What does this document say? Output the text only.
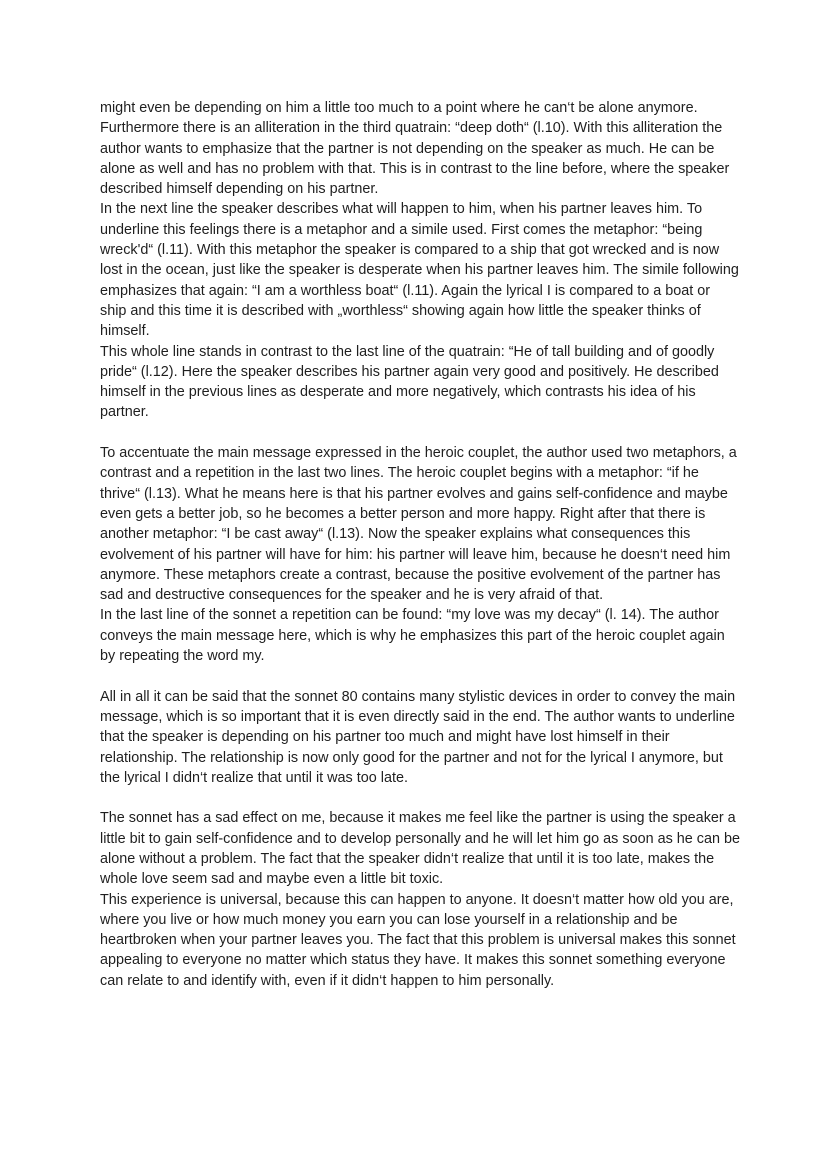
might even be depending on him a little too much to a point where he can‘t be alone anymore.

Furthermore there is an alliteration in the third quatrain: “deep doth“ (l.10). With this alliteration the author wants to emphasize that the partner is not depending on the speaker as much. He can be alone as well and has no problem with that. This is in contrast to the line before, where the speaker described himself depending on his partner.

In the next line the speaker describes what will happen to him, when his partner leaves him. To underline this feelings there is a metaphor and a simile used. First comes the metaphor: “being wreck'd“ (l.11). With this metaphor the speaker is compared to a ship that got wrecked and is now lost in the ocean, just like the speaker is desperate when his partner leaves him. The simile following emphasizes that again: “I am a worthless boat“ (l.11). Again the lyrical I is compared to a boat or ship and this time it is described with „worthless“ showing again how little the speaker thinks of himself.

This whole line stands in contrast to the last line of the quatrain: “He of tall building and of goodly pride“ (l.12). Here the speaker describes his partner again very good and positively. He described himself in the previous lines as desperate and more negatively, which contrasts his idea of his partner.

To accentuate the main message expressed in the heroic couplet, the author used two metaphors, a contrast and a repetition in the last two lines. The heroic couplet begins with a metaphor: “if he thrive“ (l.13). What he means here is that his partner evolves and gains self-confidence and maybe even gets a better job, so he becomes a better person and more happy. Right after that there is another metaphor: “I be cast away“ (l.13). Now the speaker explains what consequences this evolvement of his partner will have for him: his partner will leave him, because he doesn‘t need him anymore. These metaphors create a contrast, because the positive evolvement of the partner has sad and destructive consequences for the speaker and he is very afraid of that.

In the last line of the sonnet a repetition can be found: “my love was my decay“ (l. 14). The author conveys the main message here, which is why he emphasizes this part of the heroic couplet again by repeating the word my.

All in all it can be said that the sonnet 80 contains many stylistic devices in order to convey the main message, which is so important that it is even directly said in the end. The author wants to underline that the speaker is depending on his partner too much and might have lost himself in their relationship. The relationship is now only good for the partner and not for the lyrical I anymore, but the lyrical I didn‘t realize that until it was too late.

The sonnet has a sad effect on me, because it makes me feel like the partner is using the speaker a little bit to gain self-confidence and to develop personally and he will let him go as soon as he can be alone without a problem. The fact that the speaker didn‘t realize that until it is too late, makes the whole love seem sad and maybe even a little bit toxic.

This experience is universal, because this can happen to anyone. It doesn‘t matter how old you are, where you live or how much money you earn you can lose yourself in a relationship and be heartbroken when your partner leaves you. The fact that this problem is universal makes this sonnet appealing to everyone no matter which status they have. It makes this sonnet something everyone can relate to and identify with, even if it didn‘t happen to him personally.
